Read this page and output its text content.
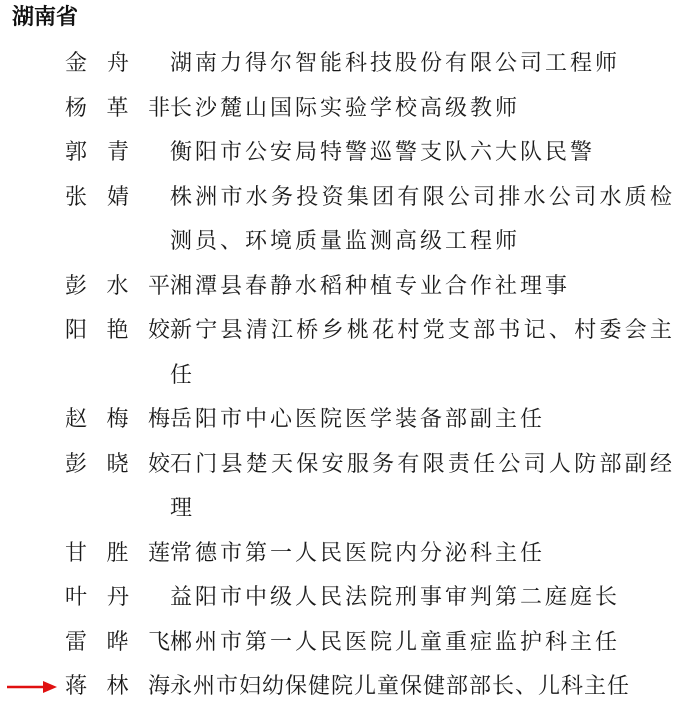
湖南省
金 舟 湖南力得尔智能科技股份有限公司工程师
杨 革 非 长沙麓山国际实验学校高级教师
郭 青 衡阳市公安局特警巡警支队六大队民警
张 婧 株洲市水务投资集团有限公司排水公司水质检测员、环境质量监测高级工程师
彭 水 平 湘潭县春静水稻种植专业合作社理事
阳 艳 姣 新宁县清江桥乡桃花村党支部书记、村委会主任
赵 梅 梅 岳阳市中心医院医学装备部副主任
彭 晓 姣 石门县楚天保安服务有限责任公司人防部副经理
甘 胜 莲 常德市第一人民医院内分泌科主任
叶 丹 益阳市中级人民法院刑事审判第二庭庭长
雷 晔 飞 郴州市第一人民医院儿童重症监护科主任
蒋 林 海 永州市妇幼保健院儿童保健部部长、儿科主任
